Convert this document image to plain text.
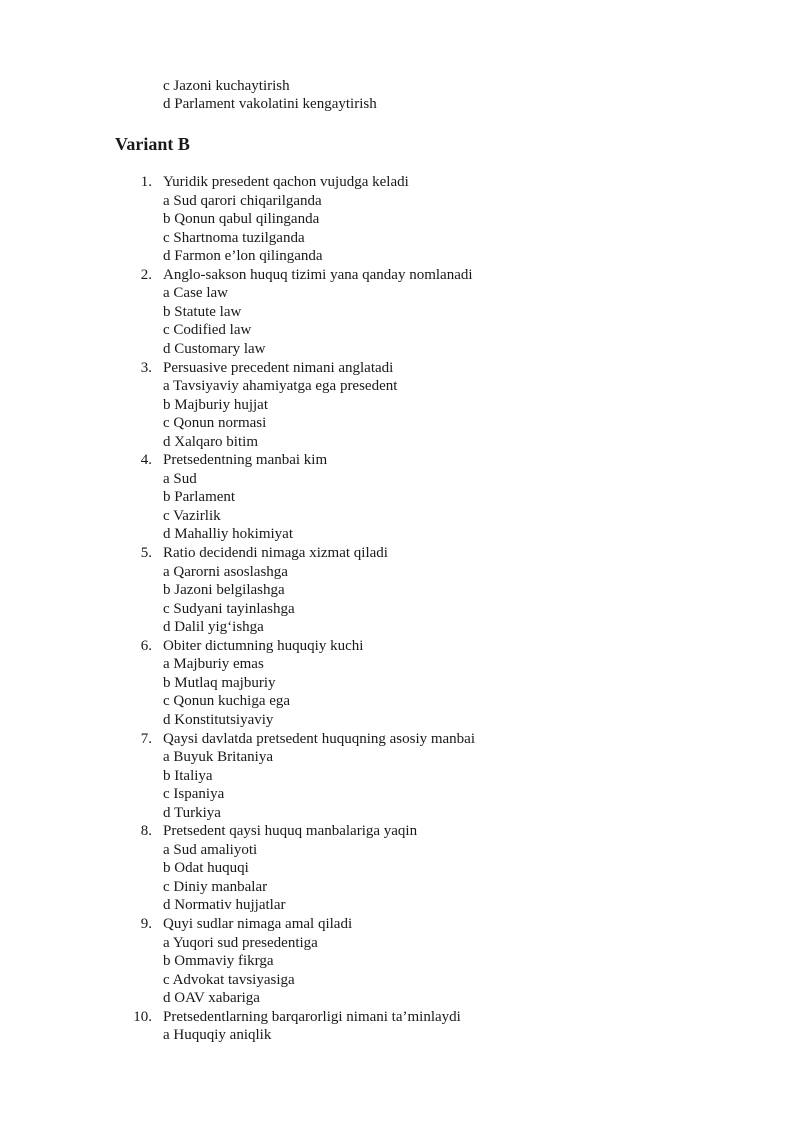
c Jazoni kuchaytirish
d Parlament vakolatini kengaytirish
Variant B
1. Yuridik presedent qachon vujudga keladi
a Sud qarori chiqarilganda
b Qonun qabul qilinganda
c Shartnoma tuzilganda
d Farmon e’lon qilinganda
2. Anglo-sakson huquq tizimi yana qanday nomlanadi
a Case law
b Statute law
c Codified law
d Customary law
3. Persuasive precedent nimani anglatadi
a Tavsiyaviy ahamiyatga ega presedent
b Majburiy hujjat
c Qonun normasi
d Xalqaro bitim
4. Pretsedentning manbai kim
a Sud
b Parlament
c Vazirlik
d Mahalliy hokimiyat
5. Ratio decidendi nimaga xizmat qiladi
a Qarorni asoslashga
b Jazoni belgilashga
c Sudyani tayinlashga
d Dalil yig‘ishga
6. Obiter dictumning huquqiy kuchi
a Majburiy emas
b Mutlaq majburiy
c Qonun kuchiga ega
d Konstitutsiyaviy
7. Qaysi davlatda pretsedent huquqning asosiy manbai
a Buyuk Britaniya
b Italiya
c Ispaniya
d Turkiya
8. Pretsedent qaysi huquq manbalariga yaqin
a Sud amaliyoti
b Odat huquqi
c Diniy manbalar
d Normativ hujjatlar
9. Quyi sudlar nimaga amal qiladi
a Yuqori sud presedentiga
b Ommaviy fikrga
c Advokat tavsiyasiga
d OAV xabariga
10. Pretsedentlarning barqarorligi nimani ta’minlaydi
a Huquqiy aniqlik
